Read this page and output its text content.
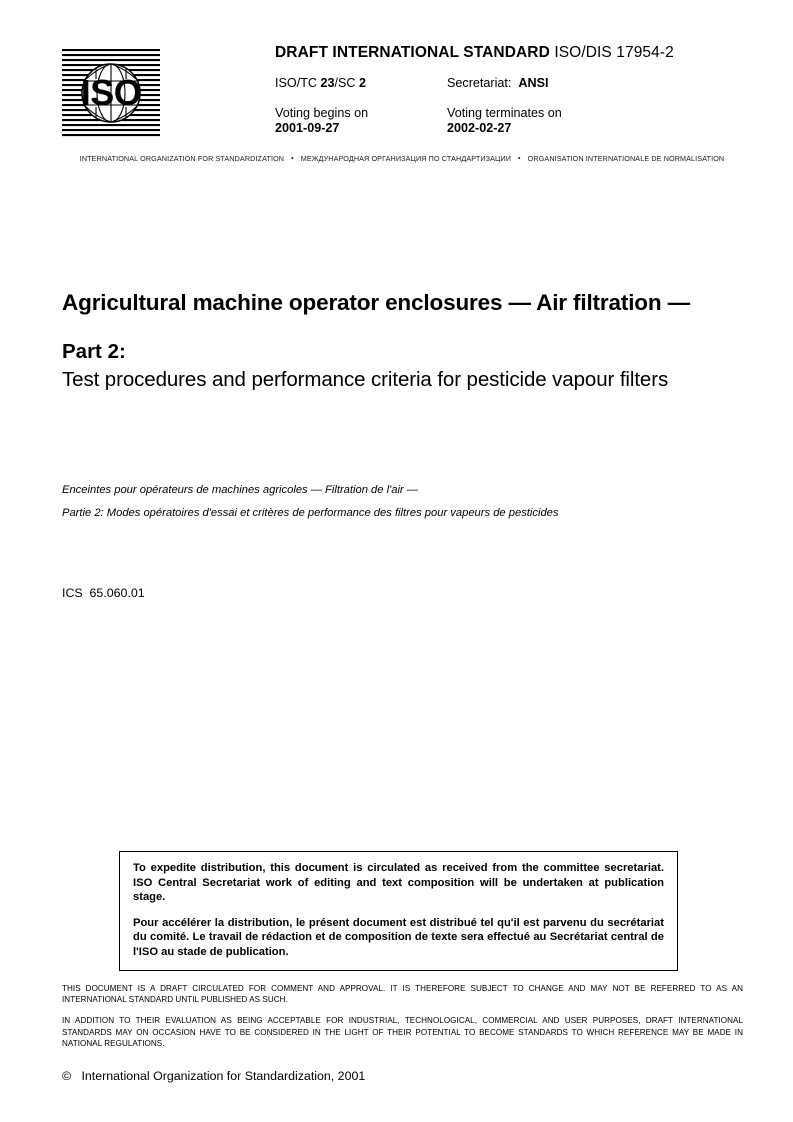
ISO
DRAFT INTERNATIONAL STANDARD ISO/DIS 17954-2
ISO/TC 23/SC 2
Voting begins on
2001-09-27
Secretariat: ANSI
Voting terminates on
2002-02-27
INTERNATIONAL ORGANIZATION FOR STANDARDIZATION • МЕЖДУНАРОДНАЯ ОРГАНИЗАЦИЯ ПО СТАНДАРТИЗАЦИИ • ORGANISATION INTERNATIONALE DE NORMALISATION
Agricultural machine operator enclosures — Air filtration —
Part 2:
Test procedures and performance criteria for pesticide vapour filters
Enceintes pour opérateurs de machines agricoles — Filtration de l'air —
Partie 2: Modes opératoires d'essai et critères de performance des filtres pour vapeurs de pesticides
ICS  65.060.01
To expedite distribution, this document is circulated as received from the committee secretariat. ISO Central Secretariat work of editing and text composition will be undertaken at publication stage.
Pour accélérer la distribution, le présent document est distribué tel qu'il est parvenu du secrétariat du comité. Le travail de rédaction et de composition de texte sera effectué au Secrétariat central de l'ISO au stade de publication.
THIS DOCUMENT IS A DRAFT CIRCULATED FOR COMMENT AND APPROVAL. IT IS THEREFORE SUBJECT TO CHANGE AND MAY NOT BE REFERRED TO AS AN INTERNATIONAL STANDARD UNTIL PUBLISHED AS SUCH.
IN ADDITION TO THEIR EVALUATION AS BEING ACCEPTABLE FOR INDUSTRIAL, TECHNOLOGICAL, COMMERCIAL AND USER PURPOSES, DRAFT INTERNATIONAL STANDARDS MAY ON OCCASION HAVE TO BE CONSIDERED IN THE LIGHT OF THEIR POTENTIAL TO BECOME STANDARDS TO WHICH REFERENCE MAY BE MADE IN NATIONAL REGULATIONS.
©   International Organization for Standardization, 2001
